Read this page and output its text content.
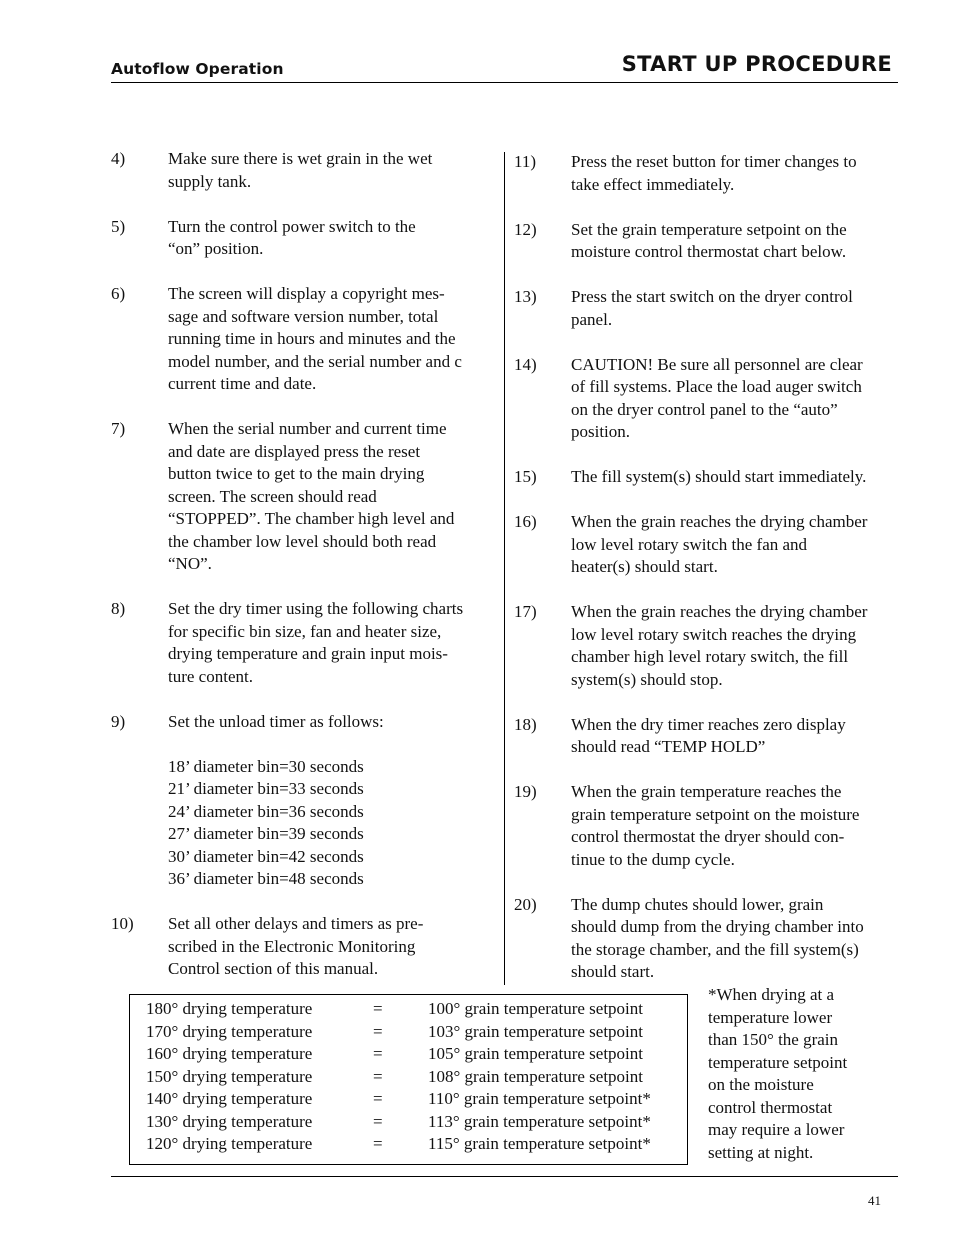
Autoflow Operation	START UP PROCEDURE
4)	Make sure there is wet grain in the wet
supply tank.
5)	Turn the control power switch to the
“on” position.
6)	The screen will display a copyright mes-
sage and software version number, total
running time in hours and minutes and the
model number, and the serial number and c
current time and date.
7)	When the serial number and current time
and date are displayed press the reset
button twice to get to the main drying
screen. The screen should read
“STOPPED”. The chamber high level and
the chamber low level should both read
“NO”.
8)	Set the dry timer using the following charts
for specific bin size, fan and heater size,
drying temperature and grain input mois-
ture content.
9)	Set the unload timer as follows:
18’ diameter bin=30 seconds
21’ diameter bin=33 seconds
24’ diameter bin=36 seconds
27’ diameter bin=39 seconds
30’ diameter bin=42 seconds
36’ diameter bin=48 seconds
10)	Set all other delays and timers as pre-
scribed in the Electronic Monitoring
Control section of this manual.
11)	Press the reset button for timer changes to
take effect immediately.
12)	Set the grain temperature setpoint on the
moisture control thermostat chart below.
13)	Press the start switch on the dryer control
panel.
14)	CAUTION! Be sure all personnel are clear
of fill systems. Place the load auger switch
on the dryer control panel to the “auto”
position.
15)	The fill system(s) should start immediately.
16)	When the grain reaches the drying chamber
low level rotary switch the fan and
heater(s) should start.
17)	When the grain reaches the drying chamber
low level rotary switch reaches the drying
chamber high level rotary switch, the fill
system(s) should stop.
18)	When the dry timer reaches zero display
should read “TEMP HOLD”
19)	When the grain temperature reaches the
grain temperature setpoint on the moisture
control thermostat the dryer should con-
tinue to the dump cycle.
20)	The dump chutes should lower, grain
should dump from the drying chamber into
the storage chamber, and the fill system(s)
should start.
180° drying temperature	=	100° grain temperature setpoint
170° drying temperature	=	103° grain temperature setpoint
160° drying temperature	=	105° grain temperature setpoint
150° drying temperature	=	108° grain temperature setpoint
140° drying temperature	=	110° grain temperature setpoint*
130° drying temperature	=	113° grain temperature setpoint*
120° drying temperature	=	115° grain temperature setpoint*
*When drying at a
temperature lower
than 150° the grain
temperature setpoint
on the moisture
control thermostat
may require a lower
setting at night.
41
